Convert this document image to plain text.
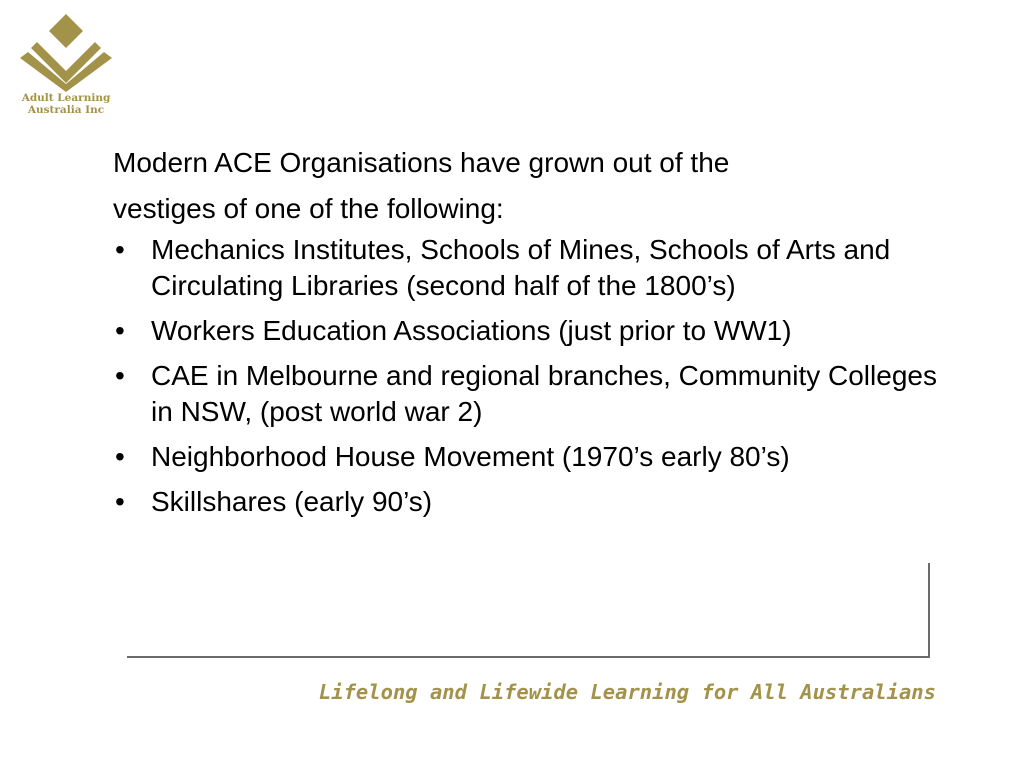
Adult Learning
Australia Inc

Modern ACE Organisations have grown out of the
vestiges of one of the following:

• Mechanics Institutes, Schools of Mines, Schools of Arts and Circulating Libraries (second half of the 1800’s)
• Workers Education Associations (just prior to WW1)
• CAE in Melbourne and regional branches, Community Colleges in NSW, (post world war 2)
• Neighborhood House Movement (1970’s early 80’s)
• Skillshares (early 90’s)
Lifelong and Lifewide Learning for All Australians
